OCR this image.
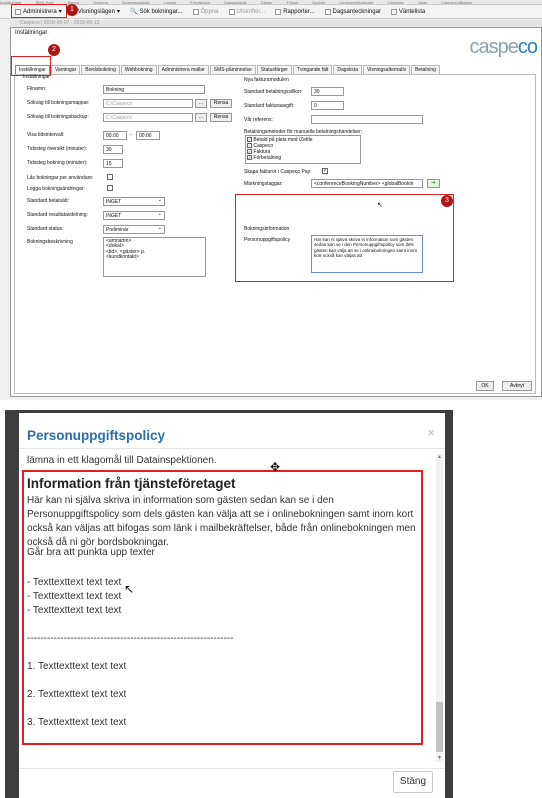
Inställningar	SMS-Post	Export	Schema	Schemastatistik	Loggar	Försäljning	Dagsstatistik	Gäster	Frågor	Budget	Lönespecifikationer	Lönelista	Listor	Lönespecifikation
Administrera ▾	Visningslägen ▾ 🔍 Sök bokningar...	Öppna	Utskrifter...	Rapporter...	Dagsanteckningar	Väntelista
1
Caspeco | 2018-05-07 - 2018-05-13
Inställningar
caspeco
Inställningar	Varningar	Bordsbokning	Webbokning	Administrera mallar	SMS-påminnelse	Statusfärger	Tvingande fält	Dagslista	Visningsalternativ	Betalning
Inställningar
Filnamn:	Bokning
Sökväg till bokningsmappar:	C:\Caspeco	...	Rensa
Sökväg till bokningsbackup:	C:\Caspeco	...	Rensa
Visa tidsintervall:	00:00	-	00:00
Tidssteg översikt (minuter):	30
Tidssteg bokning (minuter):	15
Lås bokningar per användare:
Logga bokningsändringar:
Standard betalsätt:	INGET ⌄
Standard resultatavdelning:	INGET ⌄
Standard status:	Preliminär ⌄
Bokningsbeskrivning	<amnamn>
<dokal>
<tid>, <gäster> p.
<kundkontakt>
Nya fakturamodulen
Standard betalningsvillkor:	30
Standard fakturaavgift:	0
Vår referens:
Betalningsmetoder för manuella betalningshändelser:
✓ Betald på plats med iZettle
Caspeco
✓ Faktura
✓ Förbetalning
Skapa fakturor i Caspeco Pay: ✓
Märkningstaggar:	<conferenceBookingNumber> <globalBookin	➔
Bokningsinformation
Personuppgiftspolicy	Här kan ni själva skriva in information som gästen sedan kan se i den Personuppgiftspolicy som dels gästen kan välja att se i onlinebokningen samt inom kort också kan väljas att
OK	Avbryt
2
3
↖
Personuppgiftspolicy	×
lämna in ett klagomål till Datainspektionen.
Information från tjänsteföretaget
Här kan ni själva skriva in information som gästen sedan kan se i den Personuppgiftspolicy som dels gästen kan välja att se i onlinebokningen samt inom kort också kan väljas att bifogas som länk i mailbekräftelser, både från onlinebokningen men också då ni gör bordsbokningar.
Går bra att punkta upp texter
- Texttexttext text text
- Texttexttext text text
- Texttexttext text text
--------------------------------------------------------------
1. Texttexttext text text
2. Texttexttext text text
3. Texttexttext text text
▲
▼
Stäng
✥
↖
